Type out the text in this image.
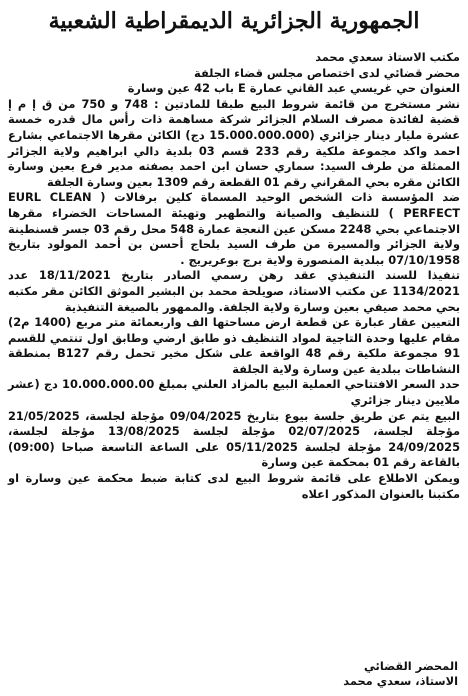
الجمهورية الجزائرية الديمقراطية الشعبية
مكتب الاستاذ سعدي محمد
محضر قضائي لدى اختصاص مجلس قضاء الجلفة
العنوان حي غريسي عبد القاني عمارة E باب 42 عين وسارة

نشر مستخرج من قائمة شروط البيع طبقا للمادتين : 748 و 750 من ق إ م إ قضية لفائدة مصرف السلام الجزائر شركة مساهمة ذات رأس مال قدره خمسة عشرة مليار دينار جزائري (15.000.000.000 دج) الكائن مقرها الاجتماعي بشارع احمد واكد مجموعة ملكية رقم 233 قسم 03 بلدية دالي ابراهيم ولاية الجزائر الممثلة من طرف السيد: سماري حسان ابن احمد بصفته مدير فرع بعين وسارة الكائن مقره بحي المقراني رقم 01 القطعة رقم 1309 بعين وسارة الجلفة

ضد المؤسسة ذات الشخص الوحيد المسماة كلين برفالات ( EURL CLEAN PERFECT ) للتنظيف والصيانة والتطهير وتهيئة المساحات الخضراء مقرها الاجتماعي بحي 2248 مسكن عين النعجة عمارة 548 محل رقم 03 جسر قسنطينة ولاية الجزائر والمسيرة من طرف السيد بلحاج أحسن بن أحمد المولود بتاريخ 07/10/1958 ببلدية المنصورة ولاية برج بوعريريج .

تنفيذا للسند التنفيذي عقد رهن رسمي الصادر بتاريخ 18/11/2021 عدد 1134/2021 عن مكتب الاستاذ، صويلحة محمد بن البشير الموثق الكائن مقر مكتبه بحي محمد صيفي بعين وسارة ولاية الجلفة. والممهور بالصيغة التنفيذية

التعيين عقار عبارة عن قطعة ارض مساحتها الف واربعمائة متر مربع (1400 م2) مقام عليها وحدة التاجية لمواد التنظيف ذو طابق ارضي وطابق اول تنتمي للقسم 91 مجموعة ملكية رقم 48 الواقعة على شكل مخير تحمل رقم B127 بمنطقة النشاطات ببلدية عين وسارة ولاية الجلفة

حدد السعر الافتتاحي العملية البيع بالمزاد العلني بمبلغ 10.000.000.00 دج (عشر ملايين دينار جزائري

البيع يتم عن طريق جلسة بيوع بتاريخ 09/04/2025 مؤجلة لجلسة، 21/05/2025 مؤجلة لجلسة، 02/07/2025 مؤجلة لجلسة 13/08/2025 مؤجلة لجلسة، 24/09/2025 مؤجلة لجلسة 05/11/2025 على الساعة التاسعة صباحا (09:00) بالقاعة رقم 01 بمحكمة عين وسارة

ويمكن الاطلاع على قائمة شروط البيع لدى كتابة ضبط محكمة عين وسارة او مكتبنا بالعنوان المذكور اعلاه

المحضر القضائي
الاستاذ، سعدي محمد
